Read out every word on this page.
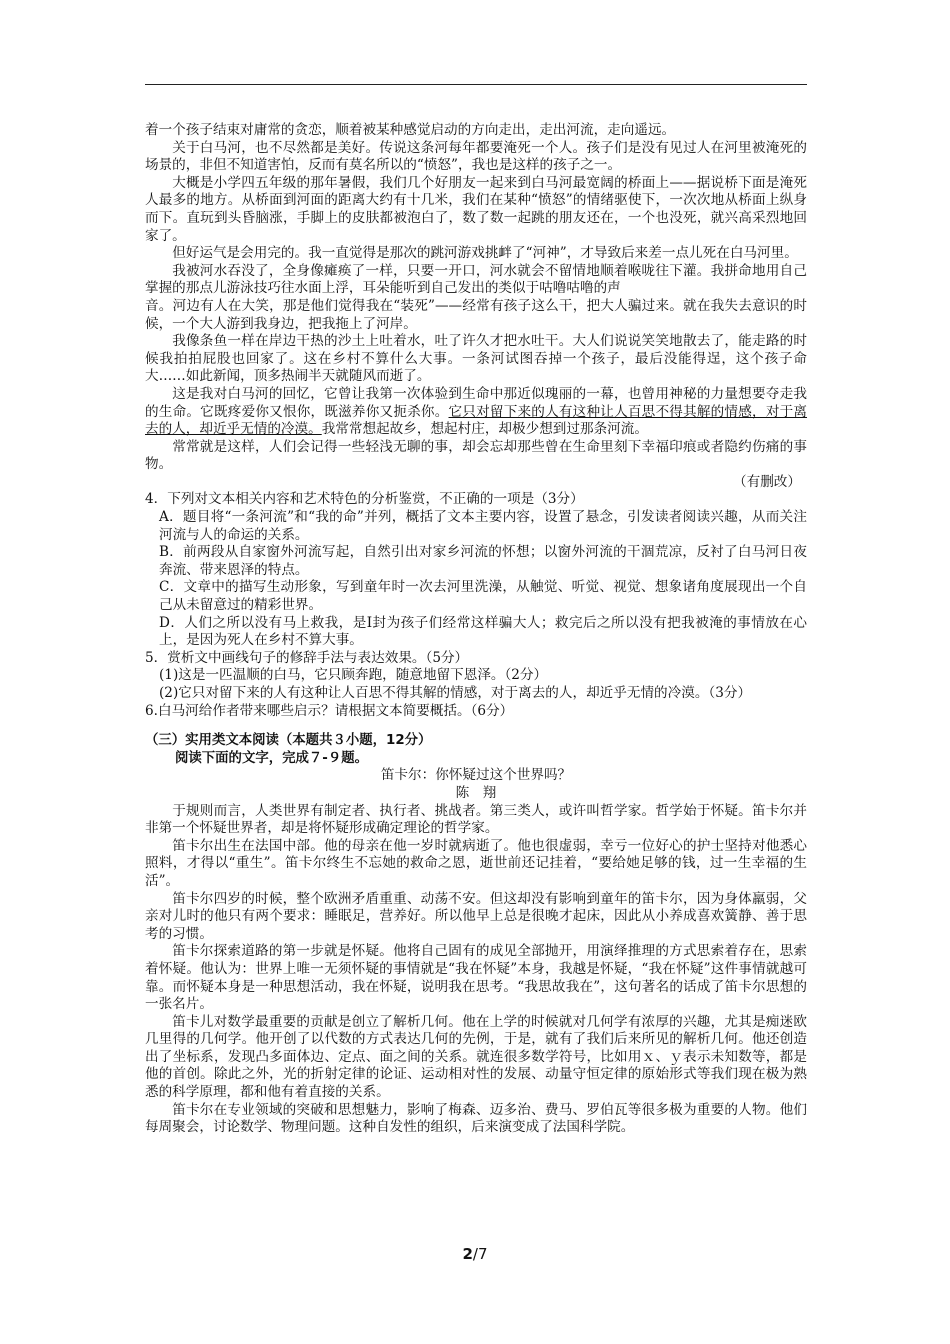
着一个孩子结束对庸常的贪恋，顺着被某种感觉启动的方向走出，走出河流，走向遥远。

关于白马河，也不尽然都是美好。传说这条河每年都要淹死一个人。孩子们是没有见过人在河里被淹死的场景的，非但不知道害怕，反而有莫名所以的“愤怒”，我也是这样的孩子之一。

大概是小学四五年级的那年暑假，我们几个好朋友一起来到白马河最宽阔的桥面上——据说桥下面是淹死人最多的地方。从桥面到河面的距离大约有十几米，我们在某种“愤怒”的情绪驱使下，一次次地从桥面上纵身而下。直玩到头昏脑涨，手脚上的皮肤都被泡白了，数了数一起跳的朋友还在，一个也没死，就兴高采烈地回家了。

但好运气是会用完的。我一直觉得是那次的跳河游戏挑衅了“河神”，才导致后来差一点儿死在白马河里。

我被河水吞没了，全身像瘫痪了一样，只要一开口，河水就会不留情地顺着喉咙往下灌。我拼命地用自己掌握的那点儿游泳技巧往水面上浮，耳朵能听到自己发出的类似于咕噜咕噜的声

音。河边有人在大笑，那是他们觉得我在“装死”——经常有孩子这么干，把大人骗过来。就在我失去意识的时候，一个大人游到我身边，把我拖上了河岸。

我像条鱼一样在岸边干热的沙土上吐着水，吐了许久才把水吐干。大人们说说笑笑地散去了，能走路的时候我拍拍屁股也回家了。这在乡村不算什么大事。一条河试图吞掉一个孩子，最后没能得逞，这个孩子命大……如此新闻，顶多热闹半天就随风而逝了。

这是我对白马河的回忆，它曾让我第一次体验到生命中那近似瑰丽的一幕，也曾用神秘的力量想要夺走我的生命。它既疼爱你又恨你，既滋养你又扼杀你。它只对留下来的人有这种让人百思不得其解的情感，对于离去的人，却近乎无情的冷漠。我常常想起故乡，想起村庄，却极少想到过那条河流。

常常就是这样，人们会记得一些轻浅无聊的事，却会忘却那些曾在生命里刻下幸福印痕或者隐约伤痛的事物。

（有删改）

4．下列对文本相关内容和艺术特色的分析鉴赏，不正确的一项是（3分）

A．题目将“一条河流”和“我的命”并列，概括了文本主要内容，设置了悬念，引发读者阅读兴趣，从而关注河流与人的命运的关系。

B．前两段从自家窗外河流写起，自然引出对家乡河流的怀想；以窗外河流的干涸荒凉，反衬了白马河日夜奔流、带来恩泽的特点。

C．文章中的描写生动形象，写到童年时一次去河里洗澡，从触觉、听觉、视觉、想象诸角度展现出一个自己从未留意过的精彩世界。

D．人们之所以没有马上救我，是Ⅰ封为孩子们经常这样骗大人；救完后之所以没有把我被淹的事情放在心上，是因为死人在乡村不算大事。

5．赏析文中画线句子的修辞手法与表达效果。（5分）

(1)这是一匹温顺的白马，它只顾奔跑，随意地留下恩泽。（2分）

(2)它只对留下来的人有这种让人百思不得其解的情感，对于离去的人，却近乎无情的冷漠。（3分）

6.白马河给作者带来哪些启示？请根据文本简要概括。（6分）

（三）实用类文本阅读（本题共３小题，12分）

阅读下面的文字，完成７-９题。

笛卡尔：你怀疑过这个世界吗？

陈　翔

于规则而言，人类世界有制定者、执行者、挑战者。第三类人，或许叫哲学家。哲学始于怀疑。笛卡尔并非第一个怀疑世界者，却是将怀疑形成确定理论的哲学家。

笛卡尔出生在法国中部。他的母亲在他一岁时就病逝了。他也很虚弱，幸亏一位好心的护士坚持对他悉心照料，才得以“重生”。笛卡尔终生不忘她的救命之恩，逝世前还记挂着，“要给她足够的钱，过一生幸福的生活”。

笛卡尔四岁的时候，整个欧洲矛盾重重、动荡不安。但这却没有影响到童年的笛卡尔，因为身体羸弱，父亲对儿时的他只有两个要求：睡眠足，营养好。所以他早上总是很晚才起床，因此从小养成喜欢簧静、善于思考的习惯。

笛卡尔探索道路的第一步就是怀疑。他将自己固有的成见全部抛开，用演绎推理的方式思索着存在，思索着怀疑。他认为：世界上唯一无须怀疑的事情就是“我在怀疑”本身，我越是怀疑，“我在怀疑”这件事情就越可靠。而怀疑本身是一种思想活动，我在怀疑，说明我在思考。“我思故我在”，这句著名的话成了笛卡尔思想的一张名片。

笛卡儿对数学最重要的贡献是创立了解析几何。他在上学的时候就对几何学有浓厚的兴趣，尤其是痴迷欧几里得的几何学。他开创了以代数的方式表达几何的先例，于是，就有了我们后来所见的解析几何。他还创造出了坐标系，发现凸多面体边、定点、面之间的关系。就连很多数学符号，比如用ｘ、ｙ表示未知数等，都是他的首创。除此之外，光的折射定律的论证、运动相对性的发展、动量守恒定律的原始形式等我们现在极为熟悉的科学原理，都和他有着直接的关系。

笛卡尔在专业领域的突破和思想魅力，影响了梅森、迈多治、费马、罗伯瓦等很多极为重要的人物。他们每周聚会，讨论数学、物理问题。这种自发性的组织，后来演变成了法国科学院。

2/7
